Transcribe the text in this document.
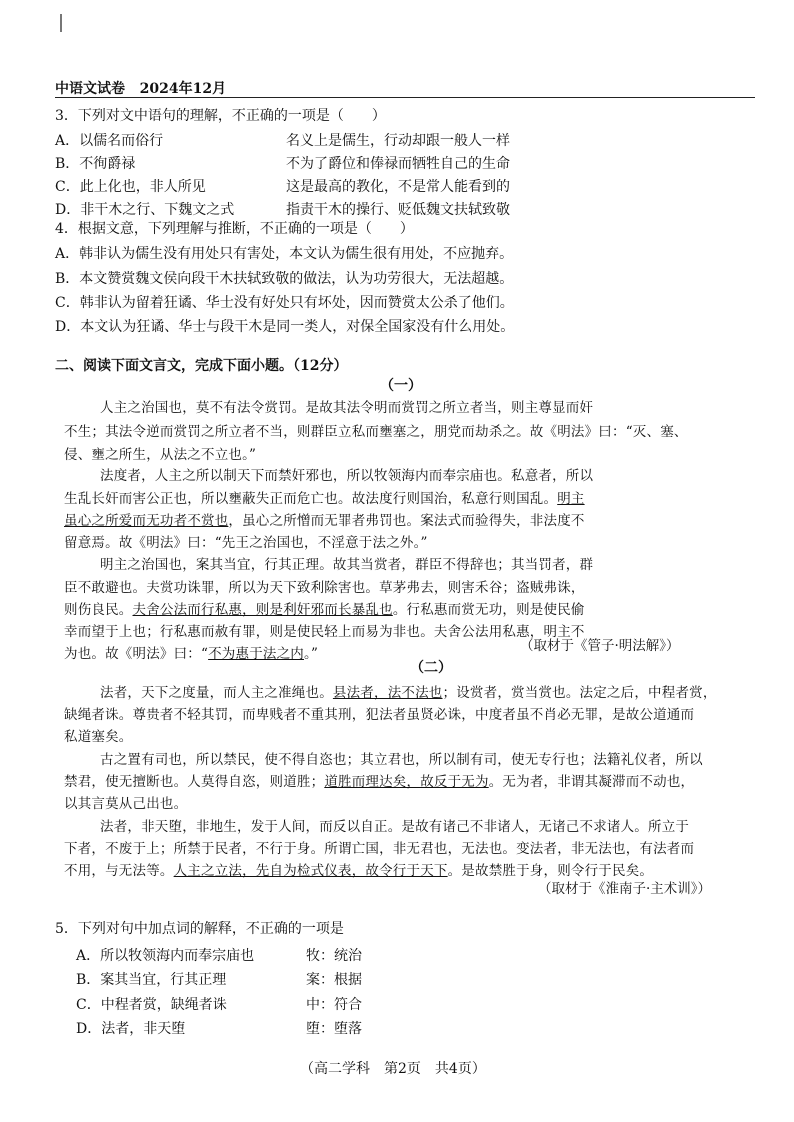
中语文试卷 2024年12月
3．下列对文中语句的理解，不正确的一项是（　　）
A．以儒名而俗行	名义上是儒生，行动却跟一般人一样
B．不徇爵禄	不为了爵位和俸禄而牺牲自己的生命
C．此上化也，非人所见	这是最高的教化，不是常人能看到的
D．非干木之行、下魏文之式	指责干木的操行、贬低魏文扶轼致敬
4．根据文意，下列理解与推断，不正确的一项是（　　）
A．韩非认为儒生没有用处只有害处，本文认为儒生很有用处，不应抛弃。
B．本文赞赏魏文侯向段干木扶轼致敬的做法，认为功劳很大，无法超越。
C．韩非认为留着狂谲、华士没有好处只有坏处，因而赞赏太公杀了他们。
D．本文认为狂谲、华士与段干木是同一类人，对保全国家没有什么用处。
二、阅读下面文言文，完成下面小题。（12分）
（一）
人主之治国也，莫不有法令赏罚。是故其法令明而赏罚之所立者当，则主尊显而奸
不生；其法令逆而赏罚之所立者不当，则群臣立私而壅塞之，朋党而劫杀之。故《明法》曰：“灭、塞、
侵、壅之所生，从法之不立也。”
法度者，人主之所以制天下而禁奸邪也，所以牧领海内而奉宗庙也。私意者，所以
生乱长奸而害公正也，所以壅蔽失正而危亡也。故法度行则国治，私意行则国乱。明主
虽心之所爱而无功者不赏也，虽心之所憎而无罪者弗罚也。案法式而验得失，非法度不
留意焉。故《明法》曰：“先王之治国也，不淫意于法之外。”
明主之治国也，案其当宜，行其正理。故其当赏者，群臣不得辞也；其当罚者，群
臣不敢避也。夫赏功诛罪，所以为天下致利除害也。草茅弗去，则害禾谷；盗贼弗诛，
则伤良民。夫舍公法而行私惠，则是利奸邪而长暴乱也。行私惠而赏无功，则是使民偷
幸而望于上也；行私惠而赦有罪，则是使民轻上而易为非也。夫舍公法用私惠，明主不
为也。故《明法》曰：“不为惠于法之内。”	（取材于《管子·明法解》）
（二）
法者，天下之度量，而人主之准绳也。县法者，法不法也；设赏者，赏当赏也。法定之后，中程者赏，
缺绳者诛。尊贵者不轻其罚，而卑贱者不重其刑，犯法者虽贤必诛，中度者虽不肖必无罪，是故公道通而
私道塞矣。
古之置有司也，所以禁民，使不得自恣也；其立君也，所以制有司，使无专行也；法籍礼仪者，所以
禁君，使无擅断也。人莫得自恣，则道胜；道胜而理达矣，故反于无为。无为者，非谓其凝滞而不动也，
以其言莫从己出也。
法者，非天堕，非地生，发于人间，而反以自正。是故有诸己不非诸人，无诸己不求诸人。所立于
下者，不废于上；所禁于民者，不行于身。所谓亡国，非无君也，无法也。变法者，非无法也，有法者而
不用，与无法等。人主之立法，先自为检式仪表，故令行于天下。是故禁胜于身，则令行于民矣。
（取材于《淮南子·主术训》）
5．下列对句中加点词的解释，不正确的一项是
A．所以牧领海内而奉宗庙也	牧：统治
B．案其当宜，行其正理	案：根据
C．中程者赏，缺绳者诛	中：符合
D．法者，非天堕	堕：堕落
（高二学科　第2页　共4页）
